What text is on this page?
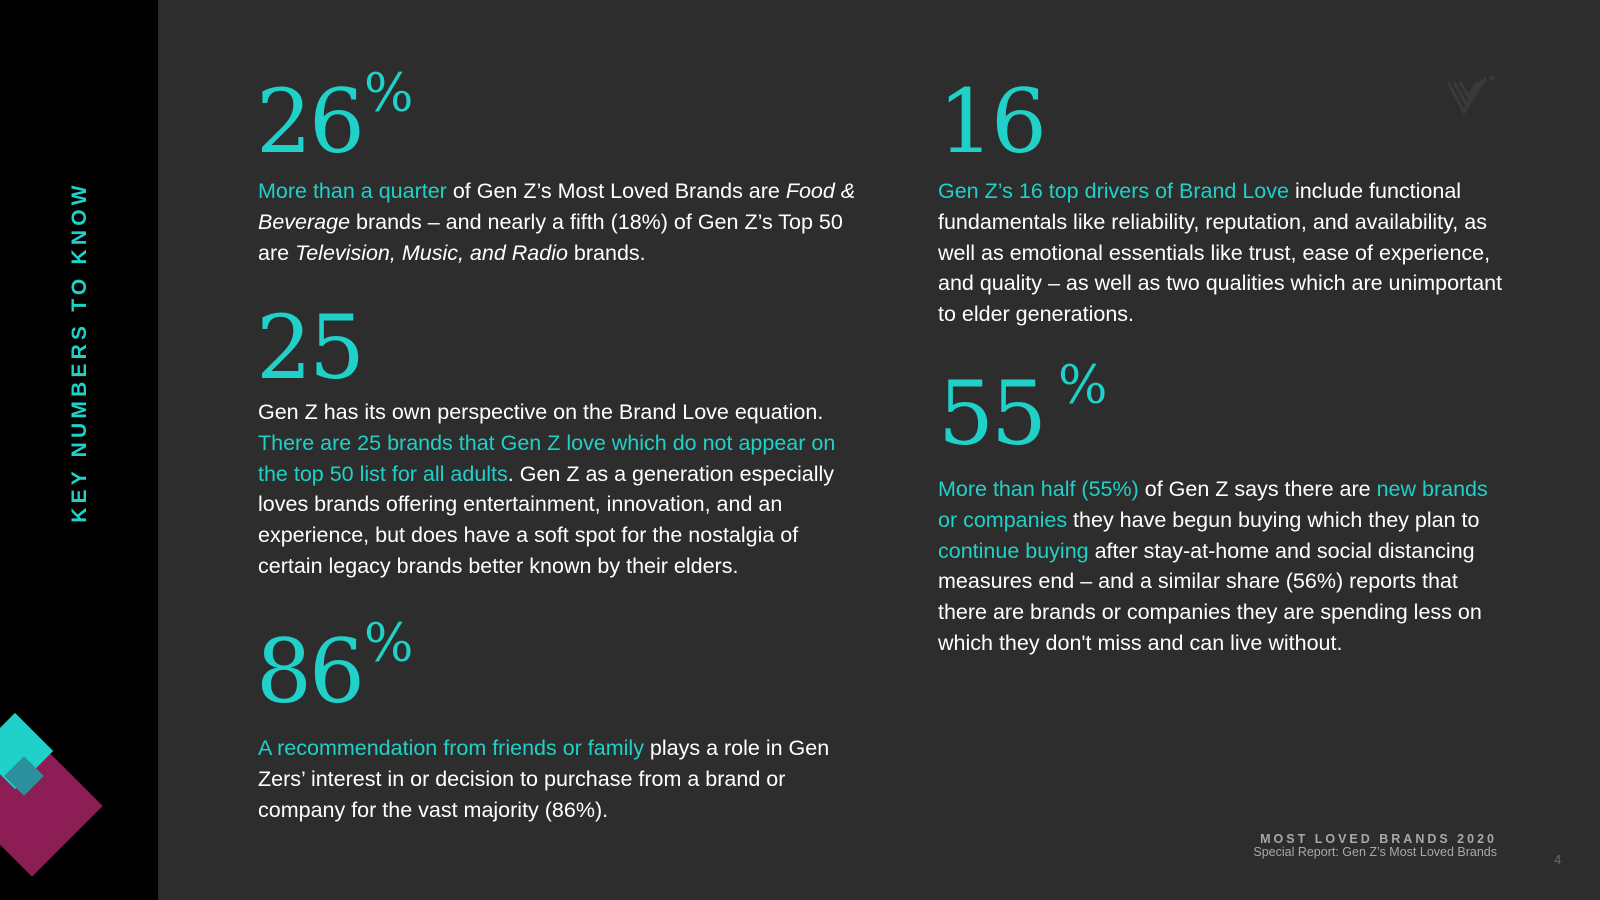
KEY NUMBERS TO KNOW
26%

More than a quarter of Gen Z’s Most Loved Brands are Food & Beverage brands – and nearly a fifth (18%) of Gen Z’s Top 50 are Television, Music, and Radio brands.

25

Gen Z has its own perspective on the Brand Love equation. There are 25 brands that Gen Z love which do not appear on the top 50 list for all adults. Gen Z as a generation especially loves brands offering entertainment, innovation, and an experience, but does have a soft spot for the nostalgia of certain legacy brands better known by their elders.

86%

A recommendation from friends or family plays a role in Gen Zers’ interest in or decision to purchase from a brand or company for the vast majority (86%).

16

Gen Z’s 16 top drivers of Brand Love include functional fundamentals like reliability, reputation, and availability, as well as emotional essentials like trust, ease of experience, and quality – as well as two qualities which are unimportant to elder generations.

55 %

More than half (55%) of Gen Z says there are new brands or companies they have begun buying which they plan to continue buying after stay-at-home and social distancing measures end – and a similar share (56%) reports that there are brands or companies they are spending less on which they don't miss and can live without.

MOST LOVED BRANDS 2020
Special Report: Gen Z’s Most Loved Brands	4
